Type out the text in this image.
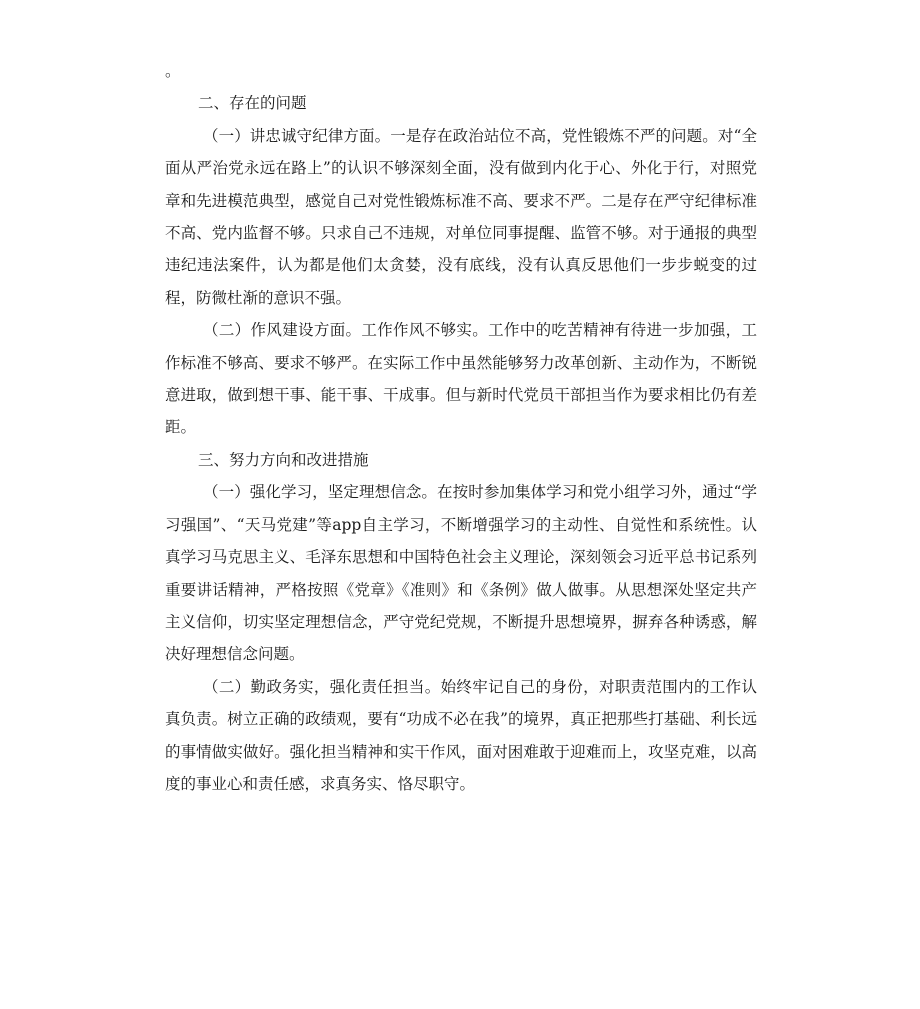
。

二、存在的问题

（一）讲忠诚守纪律方面。一是存在政治站位不高，党性锻炼不严的问题。对“全面从严治党永远在路上”的认识不够深刻全面，没有做到内化于心、外化于行，对照党章和先进模范典型，感觉自己对党性锻炼标准不高、要求不严。二是存在严守纪律标准不高、党内监督不够。只求自己不违规，对单位同事提醒、监管不够。对于通报的典型违纪违法案件，认为都是他们太贪婪，没有底线，没有认真反思他们一步步蜕变的过程，防微杜渐的意识不强。

（二）作风建设方面。工作作风不够实。工作中的吃苦精神有待进一步加强，工作标准不够高、要求不够严。在实际工作中虽然能够努力改革创新、主动作为，不断锐意进取，做到想干事、能干事、干成事。但与新时代党员干部担当作为要求相比仍有差距。

三、努力方向和改进措施

（一）强化学习，坚定理想信念。在按时参加集体学习和党小组学习外，通过“学习强国”、“天马党建”等app自主学习，不断增强学习的主动性、自觉性和系统性。认真学习马克思主义、毛泽东思想和中国特色社会主义理论，深刻领会习近平总书记系列重要讲话精神，严格按照《党章》《准则》和《条例》做人做事。从思想深处坚定共产主义信仰，切实坚定理想信念，严守党纪党规，不断提升思想境界，摒弃各种诱惑，解决好理想信念问题。

（二）勤政务实，强化责任担当。始终牢记自己的身份，对职责范围内的工作认真负责。树立正确的政绩观，要有“功成不必在我”的境界，真正把那些打基础、利长远的事情做实做好。强化担当精神和实干作风，面对困难敢于迎难而上，攻坚克难，以高度的事业心和责任感，求真务实、恪尽职守。
